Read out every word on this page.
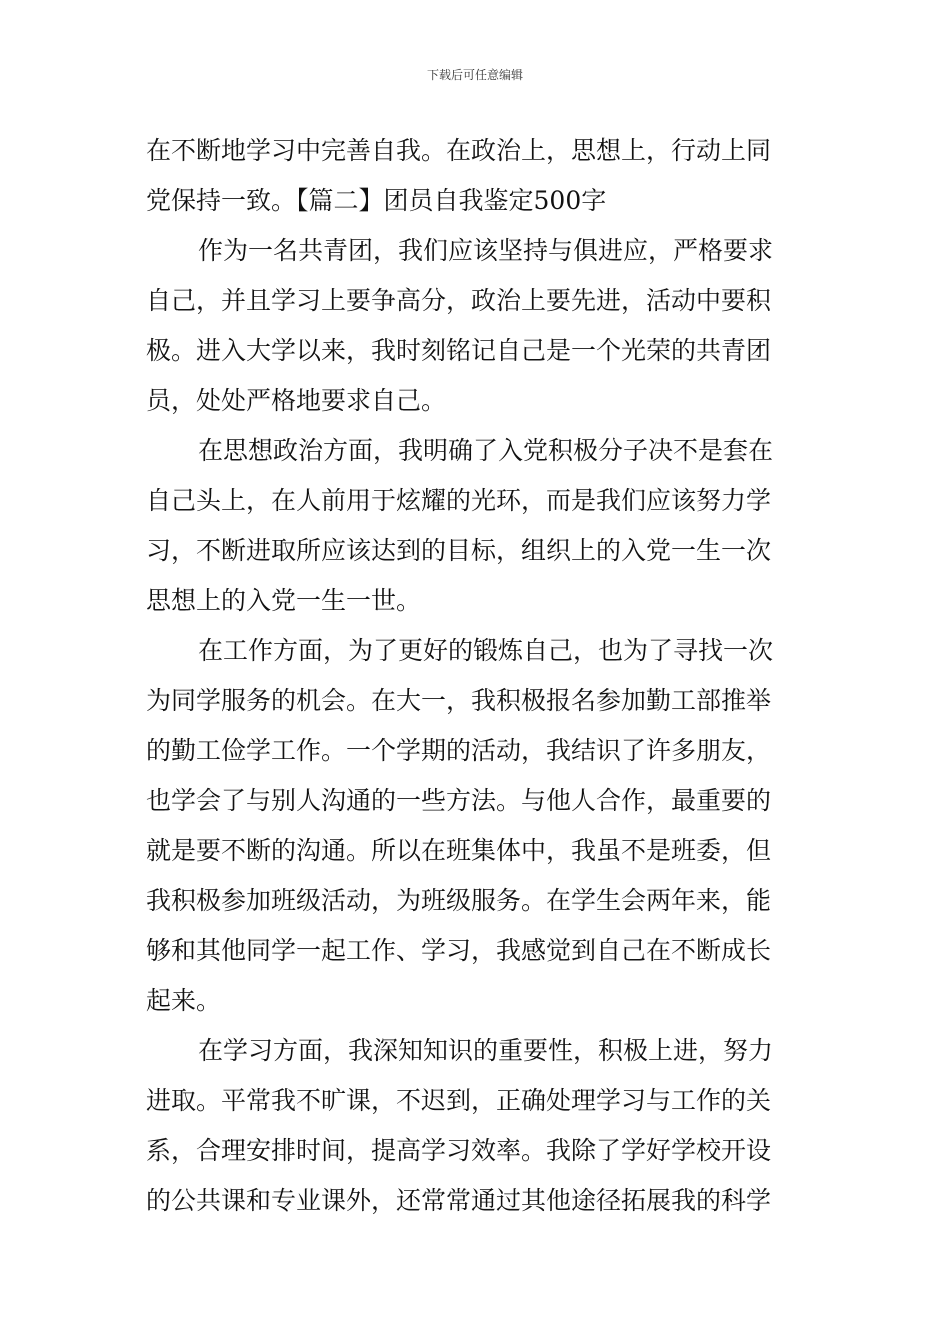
下载后可任意编辑
在不断地学习中完善自我。在政治上，思想上，行动上同
党保持一致。【篇二】团员自我鉴定500字
作为一名共青团，我们应该坚持与俱进应，严格要求
自己，并且学习上要争高分，政治上要先进，活动中要积
极。进入大学以来，我时刻铭记自己是一个光荣的共青团
员，处处严格地要求自己。
在思想政治方面，我明确了入党积极分子决不是套在
自己头上，在人前用于炫耀的光环，而是我们应该努力学
习，不断进取所应该达到的目标，组织上的入党一生一次
思想上的入党一生一世。
在工作方面，为了更好的锻炼自己，也为了寻找一次
为同学服务的机会。在大一，我积极报名参加勤工部推举
的勤工俭学工作。一个学期的活动，我结识了许多朋友，
也学会了与别人沟通的一些方法。与他人合作，最重要的
就是要不断的沟通。所以在班集体中，我虽不是班委，但
我积极参加班级活动，为班级服务。在学生会两年来，能
够和其他同学一起工作、学习，我感觉到自己在不断成长
起来。
在学习方面，我深知知识的重要性，积极上进，努力
进取。平常我不旷课，不迟到，正确处理学习与工作的关
系，合理安排时间，提高学习效率。我除了学好学校开设
的公共课和专业课外，还常常通过其他途径拓展我的科学
